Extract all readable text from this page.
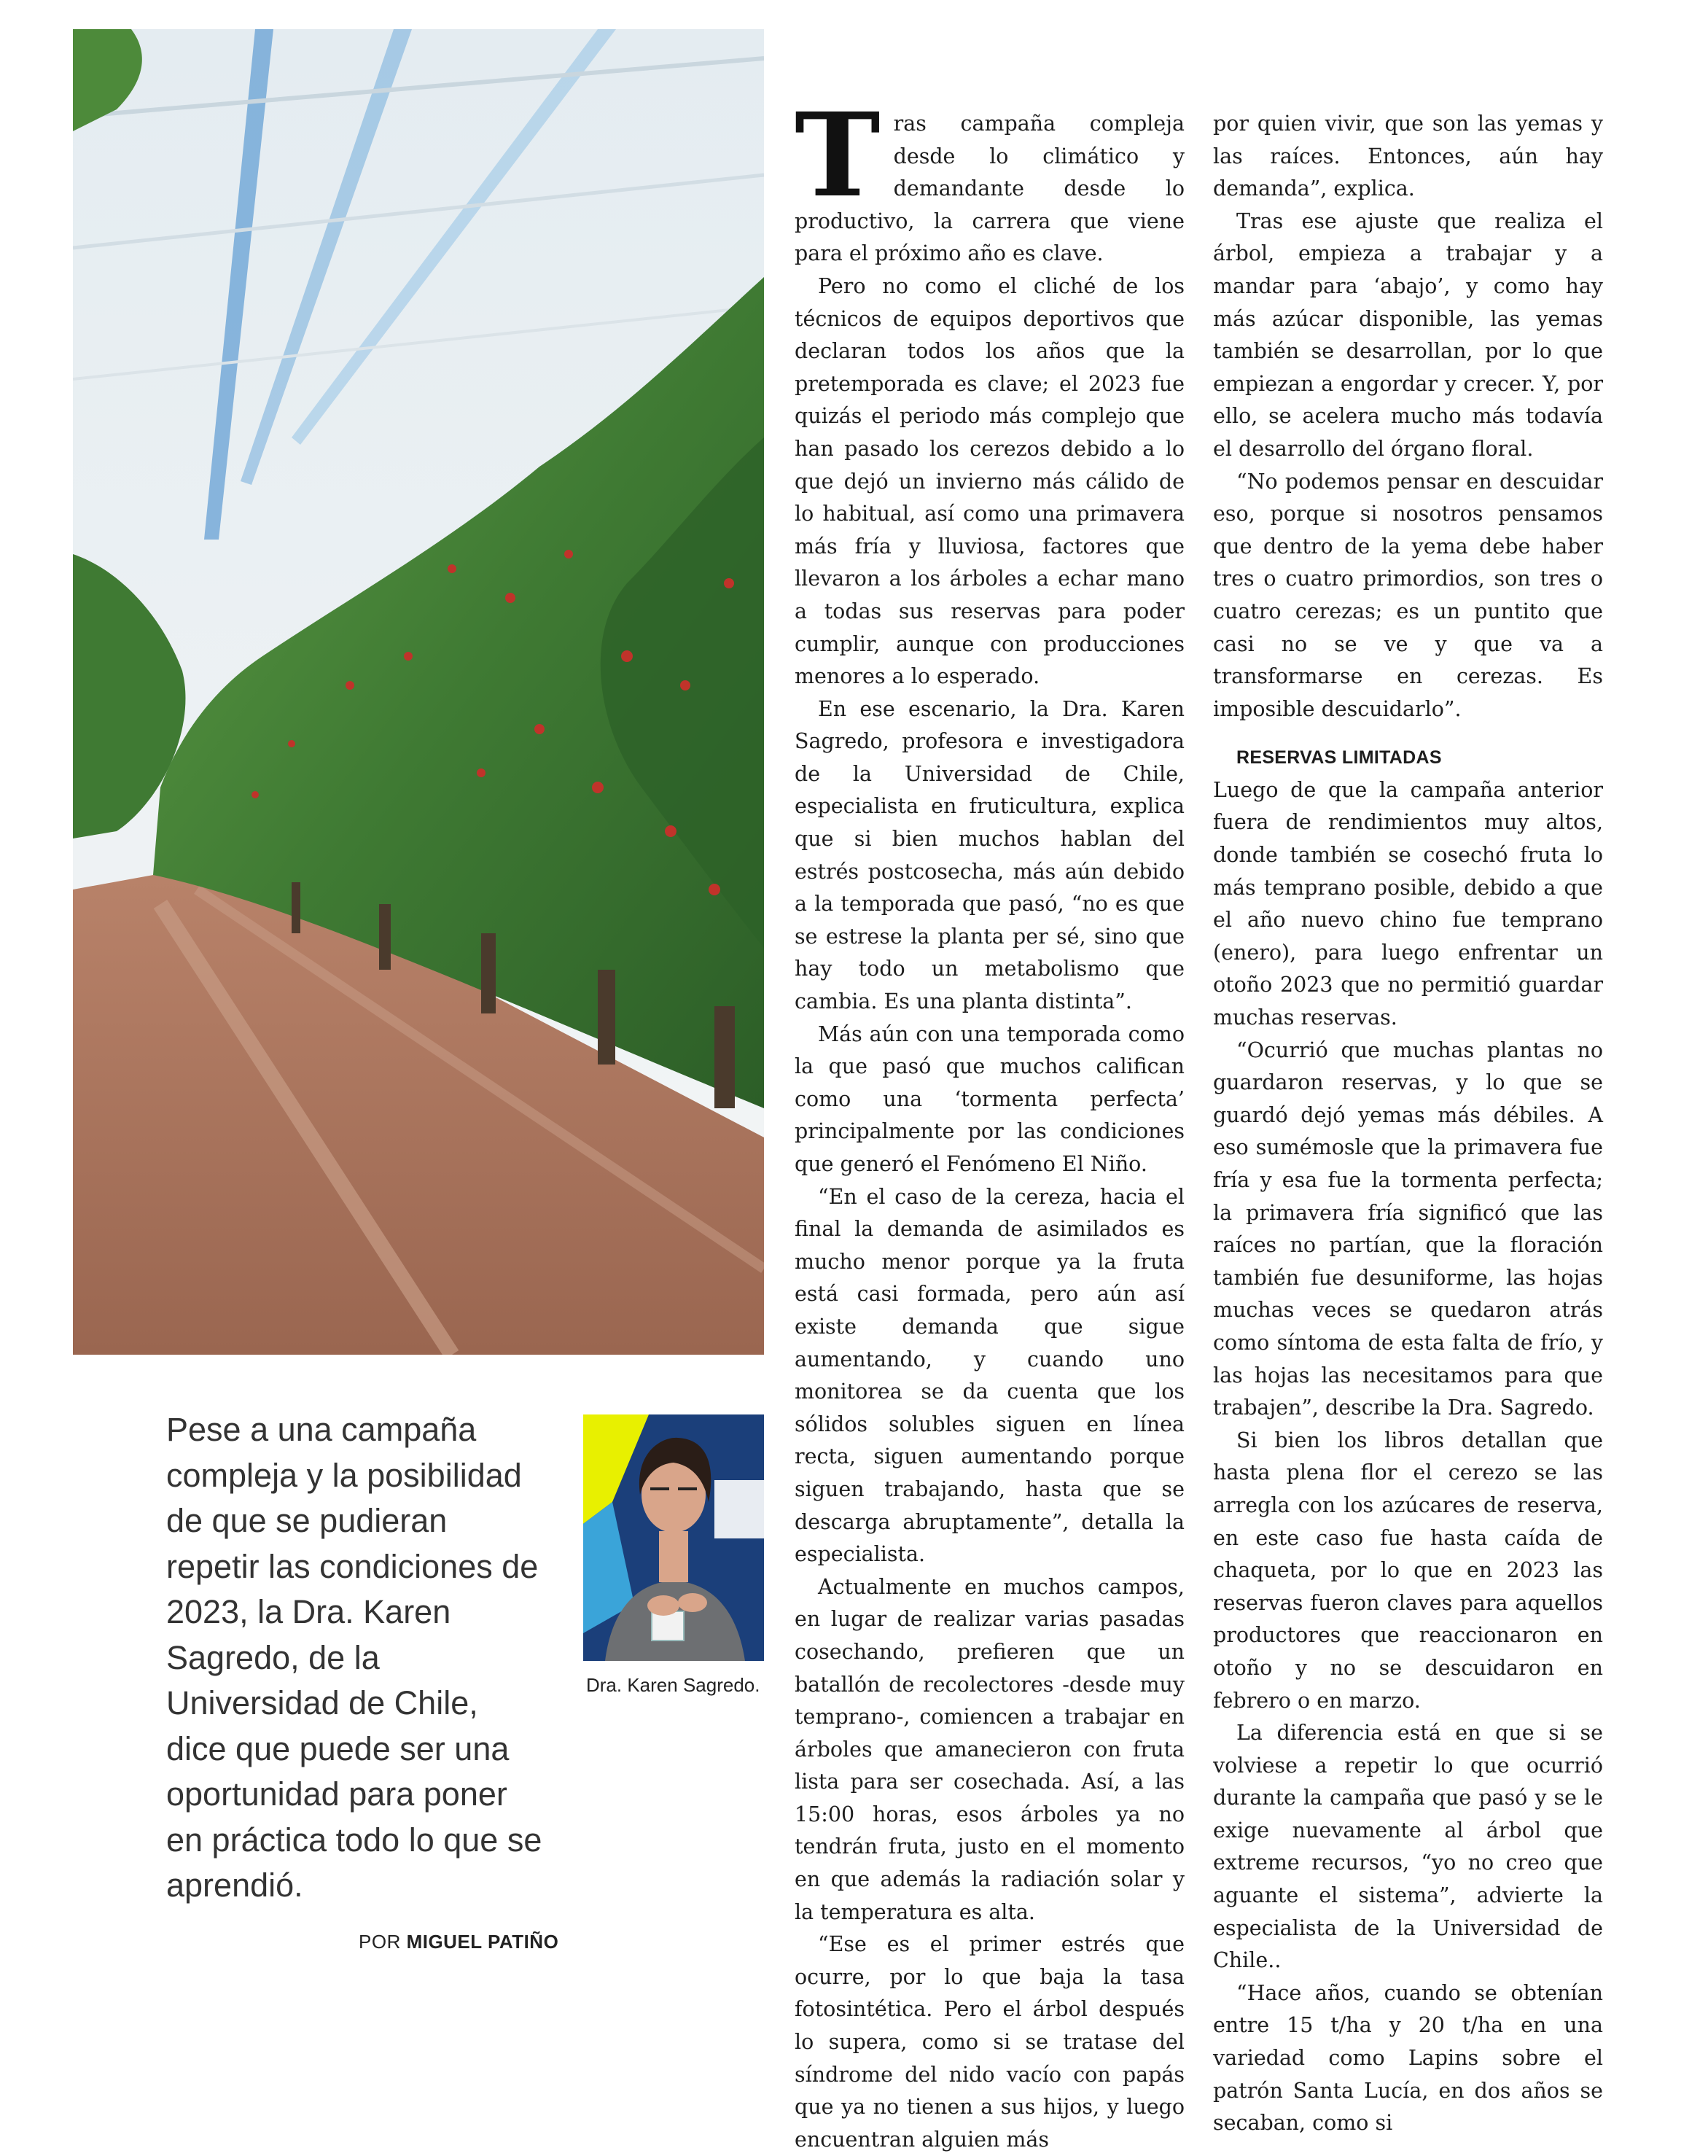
Pese a una campaña compleja y la posibilidad de que se pudieran repetir las condiciones de 2023, la Dra. Karen Sagredo, de la Universidad de Chile, dice que puede ser una oportunidad para poner en práctica todo lo que se aprendió.

POR MIGUEL PATIÑO
Dra. Karen Sagredo.

Tras campaña compleja desde lo climático y demandante desde lo productivo, la carrera que viene para el próximo año es clave.

Pero no como el cliché de los técnicos de equipos deportivos que declaran todos los años que la pretemporada es clave; el 2023 fue quizás el periodo más complejo que han pasado los cerezos debido a lo que dejó un invierno más cálido de lo habitual, así como una primavera más fría y lluviosa, factores que llevaron a los árboles a echar mano a todas sus reservas para poder cumplir, aunque con producciones menores a lo esperado.

En ese escenario, la Dra. Karen Sagredo, profesora e investigadora de la Universidad de Chile, especialista en fruticultura, explica que si bien muchos hablan del estrés postcosecha, más aún debido a la temporada que pasó, “no es que se estrese la planta per sé, sino que hay todo un metabolismo que cambia. Es una planta distinta”.

Más aún con una temporada como la que pasó que muchos califican como una ‘tormenta perfecta’ principalmente por las condiciones que generó el Fenómeno El Niño.

“En el caso de la cereza, hacia el final la demanda de asimilados es mucho menor porque ya la fruta está casi formada, pero aún así existe demanda que sigue aumentando, y cuando uno monitorea se da cuenta que los sólidos solubles siguen en línea recta, siguen aumentando porque siguen trabajando, hasta que se descarga abruptamente”, detalla la especialista.

Actualmente en muchos campos, en lugar de realizar varias pasadas cosechando, prefieren que un batallón de recolectores -desde muy temprano-, comiencen a trabajar en árboles que amanecieron con fruta lista para ser cosechada. Así, a las 15:00 horas, esos árboles ya no tendrán fruta, justo en el momento en que además la radiación solar y la temperatura es alta.

“Ese es el primer estrés que ocurre, por lo que baja la tasa fotosintética. Pero el árbol después lo supera, como si se tratase del síndrome del nido vacío con papás que ya no tienen a sus hijos, y luego encuentran alguien más

por quien vivir, que son las yemas y las raíces. Entonces, aún hay demanda”, explica.

Tras ese ajuste que realiza el árbol, empieza a trabajar y a mandar para ‘abajo’, y como hay más azúcar disponible, las yemas también se desarrollan, por lo que empiezan a engordar y crecer. Y, por ello, se acelera mucho más todavía el desarrollo del órgano floral.

“No podemos pensar en descuidar eso, porque si nosotros pensamos que dentro de la yema debe haber tres o cuatro primordios, son tres o cuatro cerezas; es un puntito que casi no se ve y que va a transformarse en cerezas. Es imposible descuidarlo”.

RESERVAS LIMITADAS

Luego de que la campaña anterior fuera de rendimientos muy altos, donde también se cosechó fruta lo más temprano posible, debido a que el año nuevo chino fue temprano (enero), para luego enfrentar un otoño 2023 que no permitió guardar muchas reservas.

“Ocurrió que muchas plantas no guardaron reservas, y lo que se guardó dejó yemas más débiles. A eso sumémosle que la primavera fue fría y esa fue la tormenta perfecta; la primavera fría significó que las raíces no partían, que la floración también fue desuniforme, las hojas muchas veces se quedaron atrás como síntoma de esta falta de frío, y las hojas las necesitamos para que trabajen”, describe la Dra. Sagredo.

Si bien los libros detallan que hasta plena flor el cerezo se las arregla con los azúcares de reserva, en este caso fue hasta caída de chaqueta, por lo que en 2023 las reservas fueron claves para aquellos productores que reaccionaron en otoño y no se descuidaron en febrero o en marzo.

La diferencia está en que si se volviese a repetir lo que ocurrió durante la campaña que pasó y se le exige nuevamente al árbol que extreme recursos, “yo no creo que aguante el sistema”, advierte la especialista de la Universidad de Chile..

“Hace años, cuando se obtenían entre 15 t/ha y 20 t/ha en una variedad como Lapins sobre el patrón Santa Lucía, en dos años se secaban, como si
